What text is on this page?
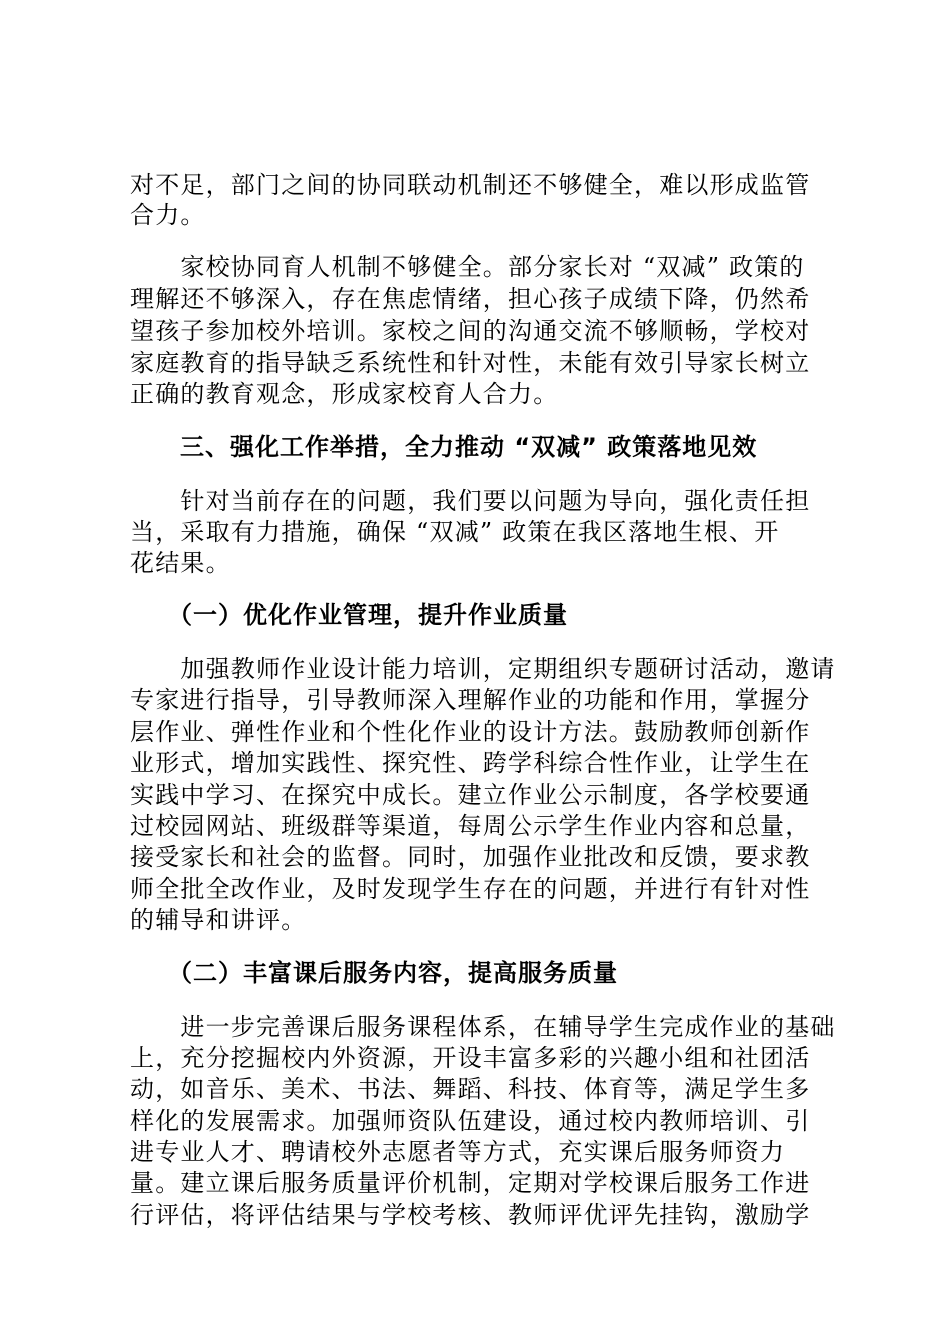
对不足，部门之间的协同联动机制还不够健全，难以形成监管
合力。
　　家校协同育人机制不够健全。部分家长对 “双减” 政策的
理解还不够深入，存在焦虑情绪，担心孩子成绩下降，仍然希
望孩子参加校外培训。家校之间的沟通交流不够顺畅，学校对
家庭教育的指导缺乏系统性和针对性，未能有效引导家长树立
正确的教育观念，形成家校育人合力。
　　三、强化工作举措，全力推动 “双减” 政策落地见效
　　针对当前存在的问题，我们要以问题为导向，强化责任担
当，采取有力措施，确保 “双减” 政策在我区落地生根、开
花结果。
　　（一）优化作业管理，提升作业质量
　　加强教师作业设计能力培训，定期组织专题研讨活动，邀请
专家进行指导，引导教师深入理解作业的功能和作用，掌握分
层作业、弹性作业和个性化作业的设计方法。鼓励教师创新作
业形式，增加实践性、探究性、跨学科综合性作业，让学生在
实践中学习、在探究中成长。建立作业公示制度，各学校要通
过校园网站、班级群等渠道，每周公示学生作业内容和总量，
接受家长和社会的监督。同时，加强作业批改和反馈，要求教
师全批全改作业，及时发现学生存在的问题，并进行有针对性
的辅导和讲评。
　　（二）丰富课后服务内容，提高服务质量
　　进一步完善课后服务课程体系，在辅导学生完成作业的基础
上，充分挖掘校内外资源，开设丰富多彩的兴趣小组和社团活
动，如音乐、美术、书法、舞蹈、科技、体育等，满足学生多
样化的发展需求。加强师资队伍建设，通过校内教师培训、引
进专业人才、聘请校外志愿者等方式，充实课后服务师资力
量。建立课后服务质量评价机制，定期对学校课后服务工作进
行评估，将评估结果与学校考核、教师评优评先挂钩，激励学
